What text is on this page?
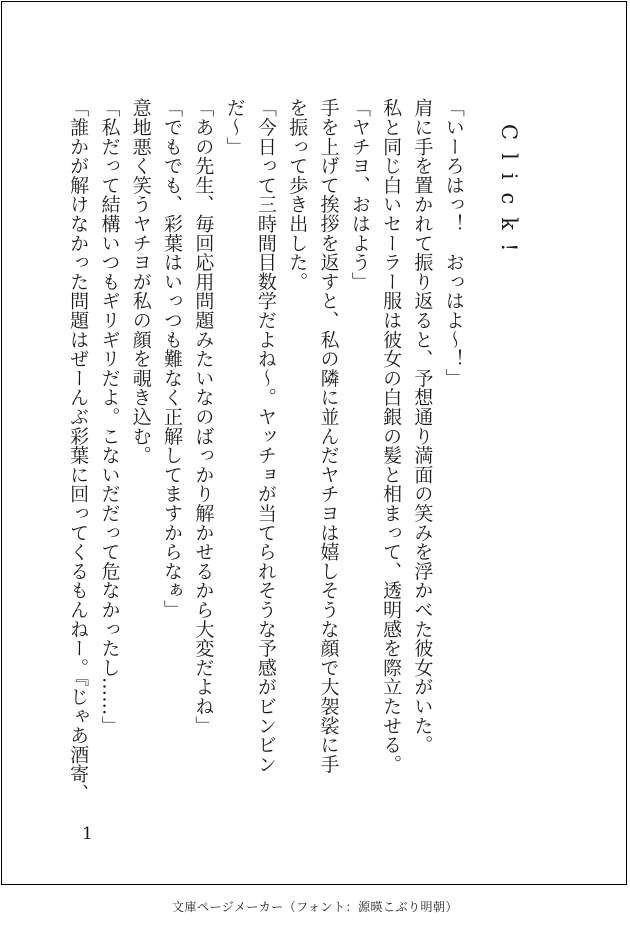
Click!
「いーろはっ！　おっはよ〜！」
肩に手を置かれて振り返ると、予想通り満面の笑みを浮かべた彼女がいた。
私と同じ白いセーラー服は彼女の白銀の髪と相まって、透明感を際立たせる。
「ヤチヨ、おはよう」
手を上げて挨拶を返すと、私の隣に並んだヤチヨは嬉しそうな顔で大袈裟に手
を振って歩き出した。
「今日って三時間目数学だよね〜。ヤッチョが当てられそうな予感がビンビン
だ〜」
「あの先生、毎回応用問題みたいなのばっかり解かせるから大変だよね」
「でもでも、彩葉はいっつも難なく正解してますからなぁ」
意地悪く笑うヤチヨが私の顔を覗き込む。
「私だって結構いつもギリギリだよ。こないだだって危なかったし……」
「誰かが解けなかった問題はぜーんぶ彩葉に回ってくるもんねー。『じゃあ酒寄、
1
文庫ページメーカー（フォント：源暎こぶり明朝）
